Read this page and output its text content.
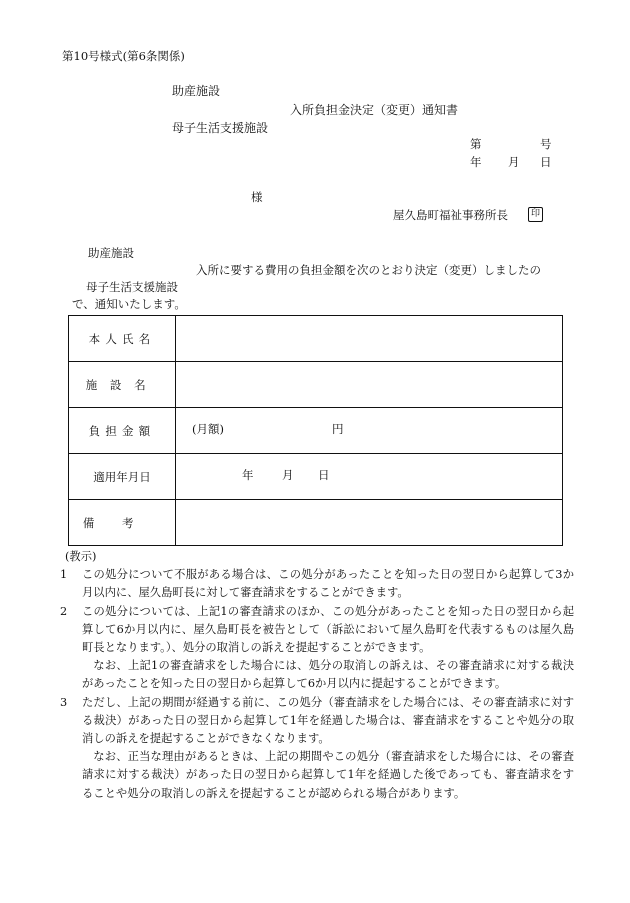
第10号様式(第6条関係)
助産施設
入所負担金決定（変更）通知書
母子生活支援施設
第	号
年 月 日
様
屋久島町福祉事務所長	印
助産施設
入所に要する費用の負担金額を次のとおり決定（変更）しましたの
母子生活支援施設
で、通知いたします。
本人氏名	
施設名	
負担金額	(月額) 円

適用年月日	年 月 日

備考	
(教示)
1 この処分について不服がある場合は、この処分があったことを知った日の翌日から起算して3か月以内に、屋久島町長に対して審査請求をすることができます。

2 この処分については、上記1の審査請求のほか、この処分があったことを知った日の翌日から起算して6か月以内に、屋久島町長を被告として（訴訟において屋久島町を代表するものは屋久島町長となります。）、処分の取消しの訴えを提起することができます。

なお、上記1の審査請求をした場合には、処分の取消しの訴えは、その審査請求に対する裁決があったことを知った日の翌日から起算して6か月以内に提起することができます。

3 ただし、上記の期間が経過する前に、この処分（審査請求をした場合には、その審査請求に対する裁決）があった日の翌日から起算して1年を経過した場合は、審査請求をすることや処分の取消しの訴えを提起することができなくなります。

なお、正当な理由があるときは、上記の期間やこの処分（審査請求をした場合には、その審査請求に対する裁決）があった日の翌日から起算して1年を経過した後であっても、審査請求をすることや処分の取消しの訴えを提起することが認められる場合があります。
